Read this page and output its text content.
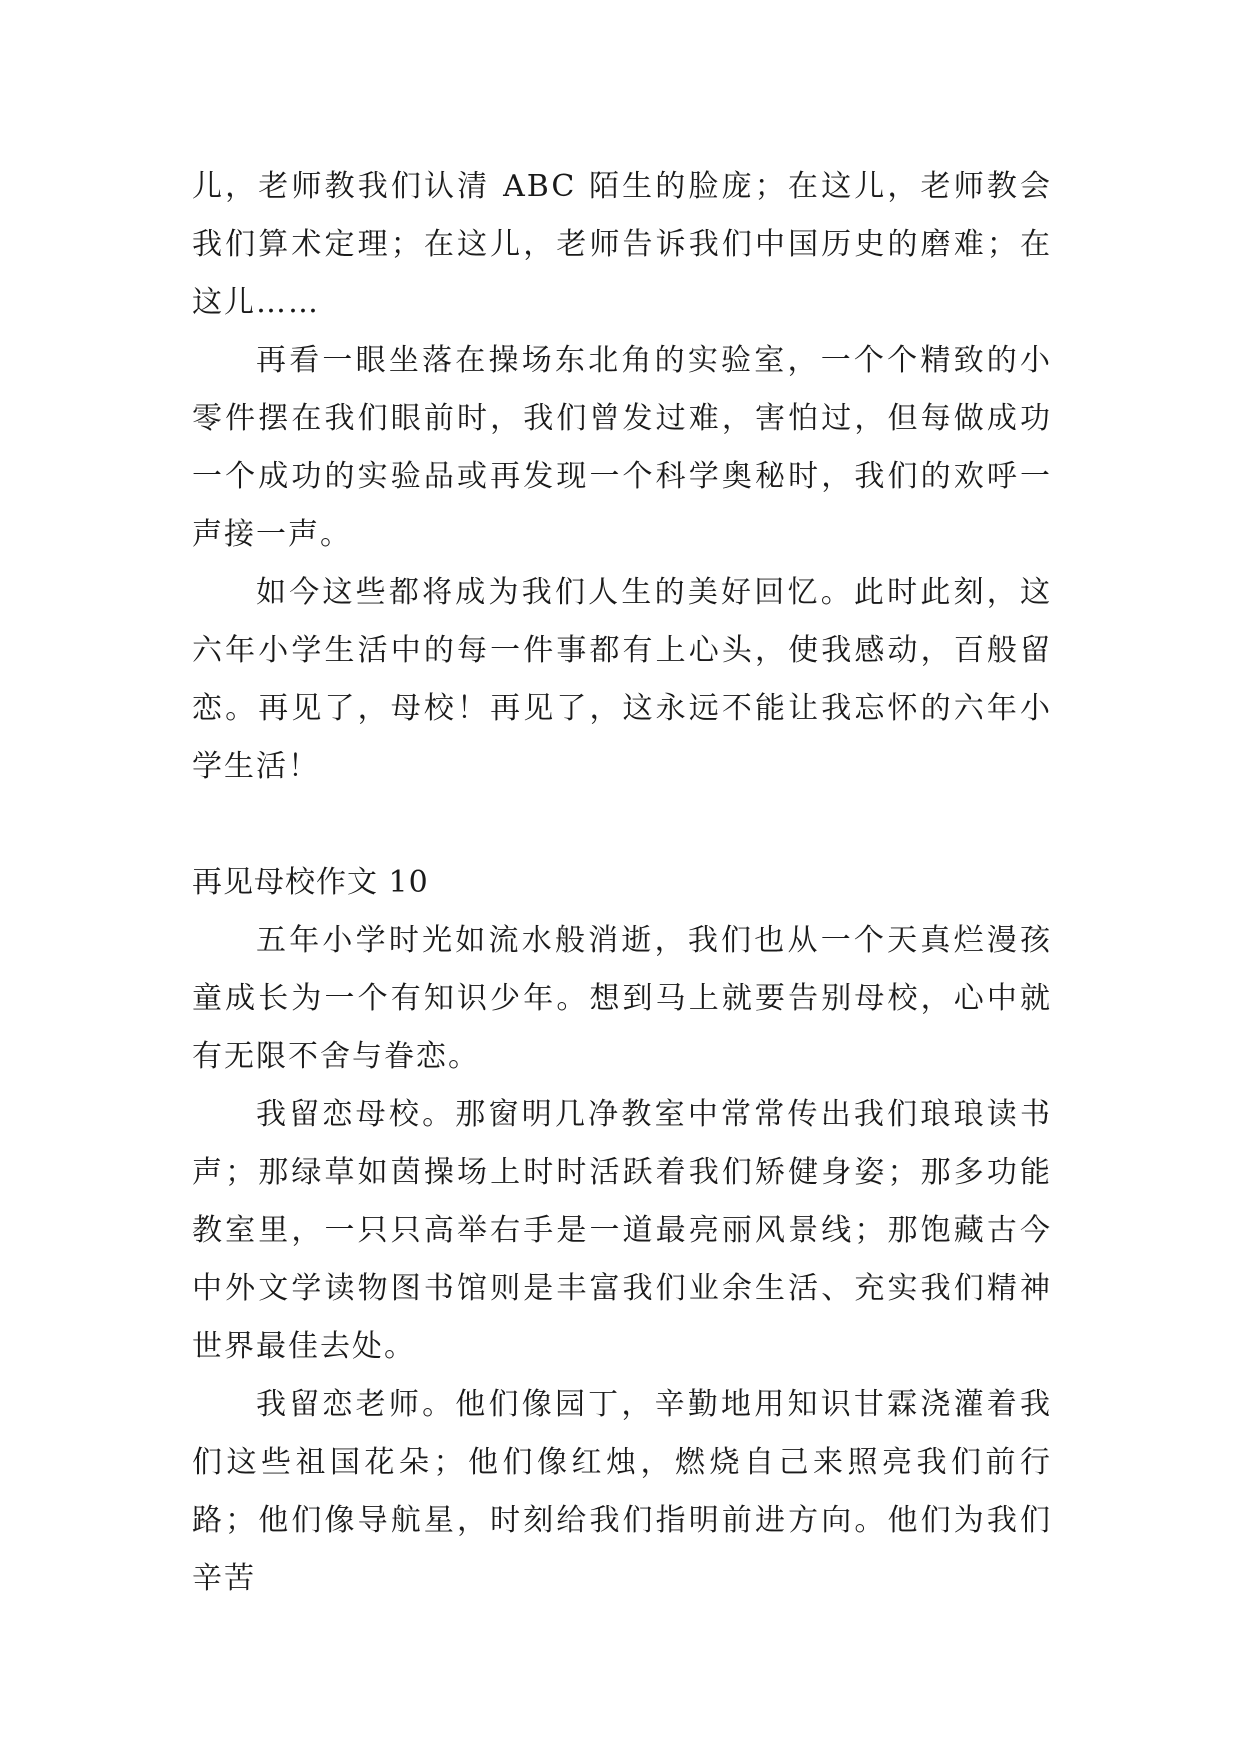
儿，老师教我们认清 ABC 陌生的脸庞；在这儿，老师教会我们算术定理；在这儿，老师告诉我们中国历史的磨难；在这儿……

再看一眼坐落在操场东北角的实验室，一个个精致的小零件摆在我们眼前时，我们曾发过难，害怕过，但每做成功一个成功的实验品或再发现一个科学奥秘时，我们的欢呼一声接一声。

如今这些都将成为我们人生的美好回忆。此时此刻，这六年小学生活中的每一件事都有上心头，使我感动，百般留恋。再见了，母校！再见了，这永远不能让我忘怀的六年小学生活！

再见母校作文 10

五年小学时光如流水般消逝，我们也从一个天真烂漫孩童成长为一个有知识少年。想到马上就要告别母校，心中就有无限不舍与眷恋。

我留恋母校。那窗明几净教室中常常传出我们琅琅读书声；那绿草如茵操场上时时活跃着我们矫健身姿；那多功能教室里，一只只高举右手是一道最亮丽风景线；那饱藏古今中外文学读物图书馆则是丰富我们业余生活、充实我们精神世界最佳去处。

我留恋老师。他们像园丁，辛勤地用知识甘霖浇灌着我们这些祖国花朵；他们像红烛，燃烧自己来照亮我们前行路；他们像导航星，时刻给我们指明前进方向。他们为我们辛苦
